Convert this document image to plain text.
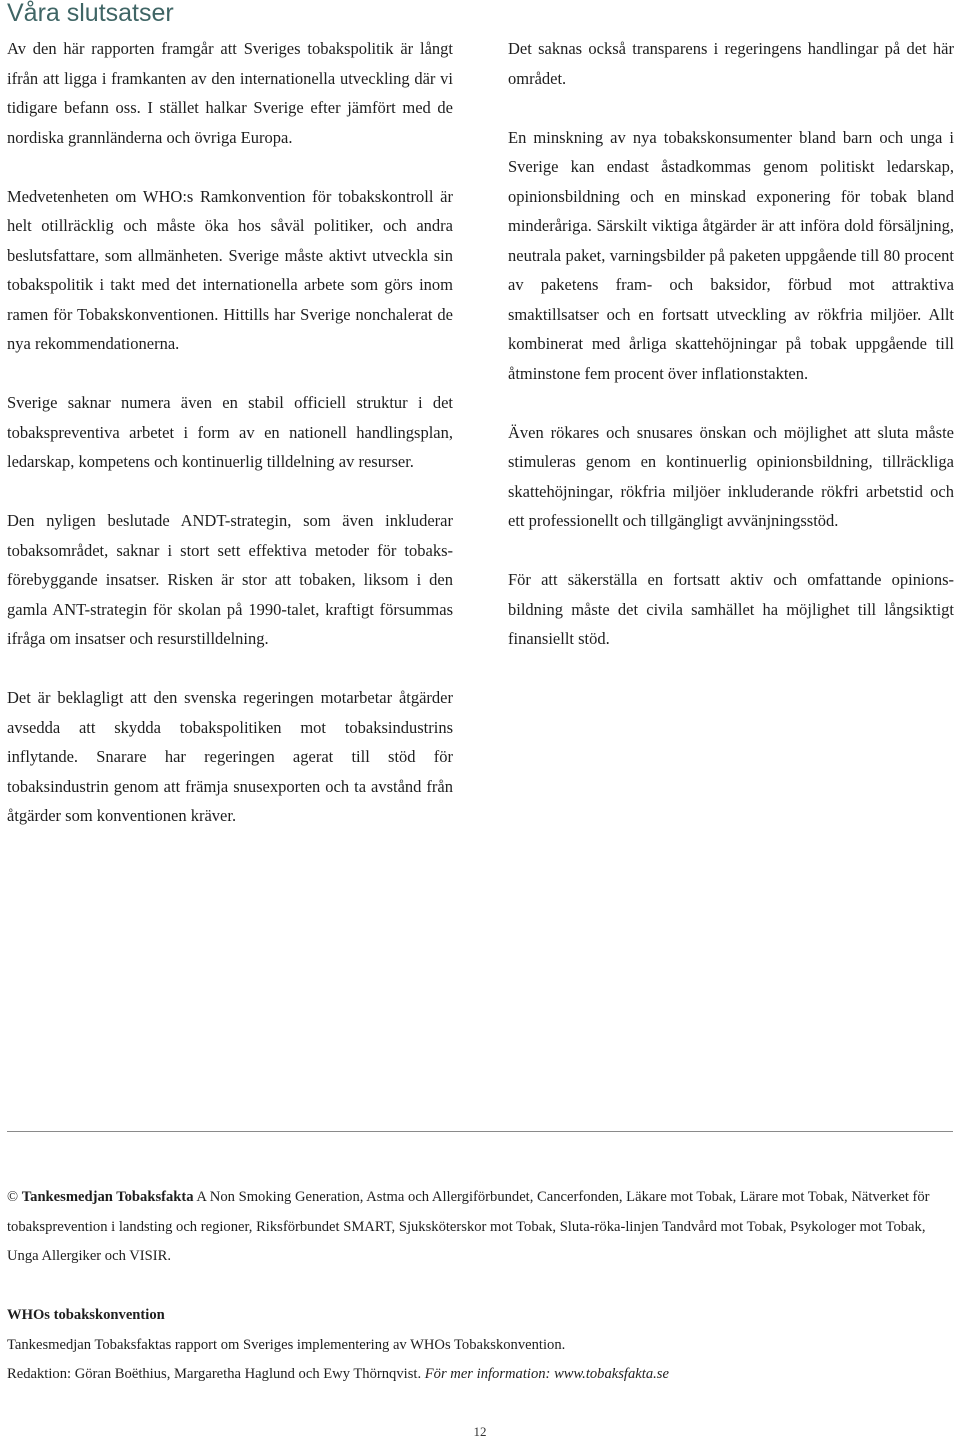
Våra slutsatser

Av den här rapporten framgår att Sveriges tobakspolitik är långt ifrån att ligga i framkanten av den internationella utveckling där vi tidigare befann oss. I stället halkar Sverige efter jämfört med de nordiska grannländerna och övriga Europa.

Medvetenheten om WHO:s Ramkonvention för tobakskontroll är helt otillräcklig och måste öka hos såväl politiker, och andra beslutsfattare, som allmänheten. Sverige måste aktivt utveckla sin tobakspolitik i takt med det internationella arbete som görs inom ramen för Tobakskonventionen. Hittills har Sverige nonchalerat de nya rekommendationerna.

Sverige saknar numera även en stabil officiell struktur i det tobakspreventiva arbetet i form av en nationell handlingsplan, ledarskap, kompetens och kontinuerlig tilldelning av resurser.

Den nyligen beslutade ANDT-strategin, som även inkluderar tobaksområdet, saknar i stort sett effektiva metoder för tobaksförebyggande insatser. Risken är stor att tobaken, liksom i den gamla ANT-strategin för skolan på 1990-talet, kraftigt försummas ifråga om insatser och resurstilldelning.

Det är beklagligt att den svenska regeringen motarbetar åtgärder avsedda att skydda tobakspolitiken mot tobaksindustrins inflytande. Snarare har regeringen agerat till stöd för tobaksindustrin genom att främja snusexporten och ta avstånd från åtgärder som konventionen kräver.

Det saknas också transparens i regeringens handlingar på det här området.

En minskning av nya tobakskonsumenter bland barn och unga i Sverige kan endast åstadkommas genom politiskt ledarskap, opinionsbildning och en minskad exponering för tobak bland minderåriga. Särskilt viktiga åtgärder är att införa dold försäljning, neutrala paket, varningsbilder på paketen uppgående till 80 procent av paketens fram- och baksidor, förbud mot attraktiva smaktillsatser och en fortsatt utveckling av rökfria miljöer. Allt kombinerat med årliga skattehöjningar på tobak uppgående till åtminstone fem procent över inflationstakten.

Även rökares och snusares önskan och möjlighet att sluta måste stimuleras genom en kontinuerlig opinionsbildning, tillräckliga skattehöjningar, rökfria miljöer inkluderande rökfri arbetstid och ett professionellt och tillgängligt avvänjningsstöd.

För att säkerställa en fortsatt aktiv och omfattande opinionsbildning måste det civila samhället ha möjlighet till långsiktigt finansiellt stöd.

© Tankesmedjan Tobaksfakta A Non Smoking Generation, Astma och Allergiförbundet, Cancerfonden, Läkare mot Tobak, Lärare mot Tobak, Nätverket för tobaksprevention i landsting och regioner, Riksförbundet SMART, Sjuksköterskor mot Tobak, Sluta-röka-linjen Tandvård mot Tobak, Psykologer mot Tobak, Unga Allergiker och VISIR.

WHOs tobakskonvention

Tankesmedjan Tobaksfaktas rapport om Sveriges implementering av WHOs Tobakskonvention.

Redaktion: Göran Boëthius, Margaretha Haglund och Ewy Thörnqvist. För mer information: www.tobaksfakta.se

12
